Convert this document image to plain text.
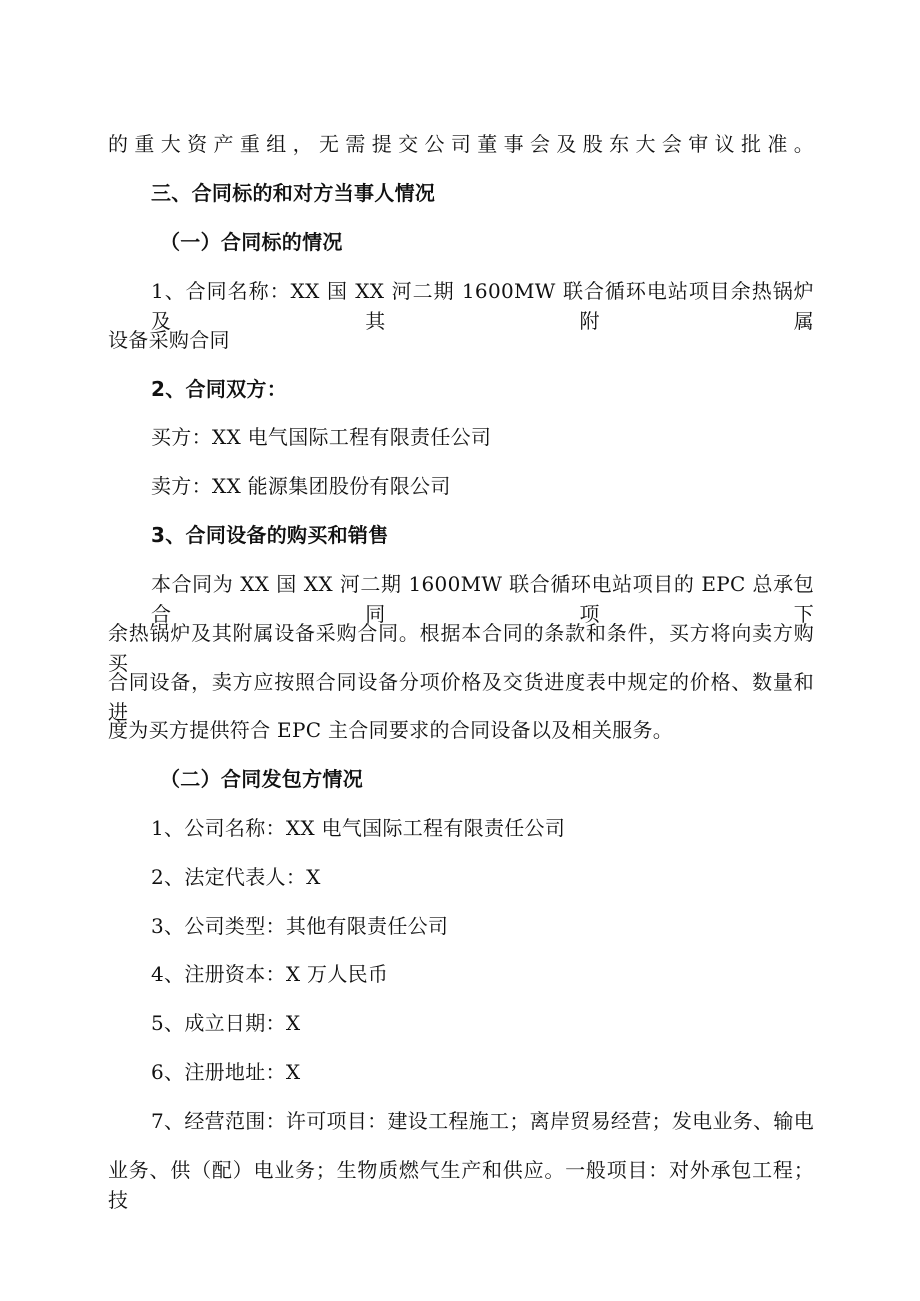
的重大资产重组，无需提交公司董事会及股东大会审议批准。
三、合同标的和对方当事人情况
（一）合同标的情况
1、合同名称：XX 国 XX 河二期 1600MW 联合循环电站项目余热锅炉及其附属
设备采购合同
2、合同双方：
买方：XX 电气国际工程有限责任公司
卖方：XX 能源集团股份有限公司
3、合同设备的购买和销售
本合同为 XX 国 XX 河二期 1600MW 联合循环电站项目的 EPC 总承包合同项下
余热锅炉及其附属设备采购合同。根据本合同的条款和条件，买方将向卖方购买
合同设备，卖方应按照合同设备分项价格及交货进度表中规定的价格、数量和进
度为买方提供符合 EPC 主合同要求的合同设备以及相关服务。
（二）合同发包方情况
1、公司名称：XX 电气国际工程有限责任公司
2、法定代表人：X
3、公司类型：其他有限责任公司
4、注册资本：X 万人民币
5、成立日期：X
6、注册地址：X
7、经营范围：许可项目：建设工程施工；离岸贸易经营；发电业务、输电
业务、供（配）电业务；生物质燃气生产和供应。一般项目：对外承包工程；技
